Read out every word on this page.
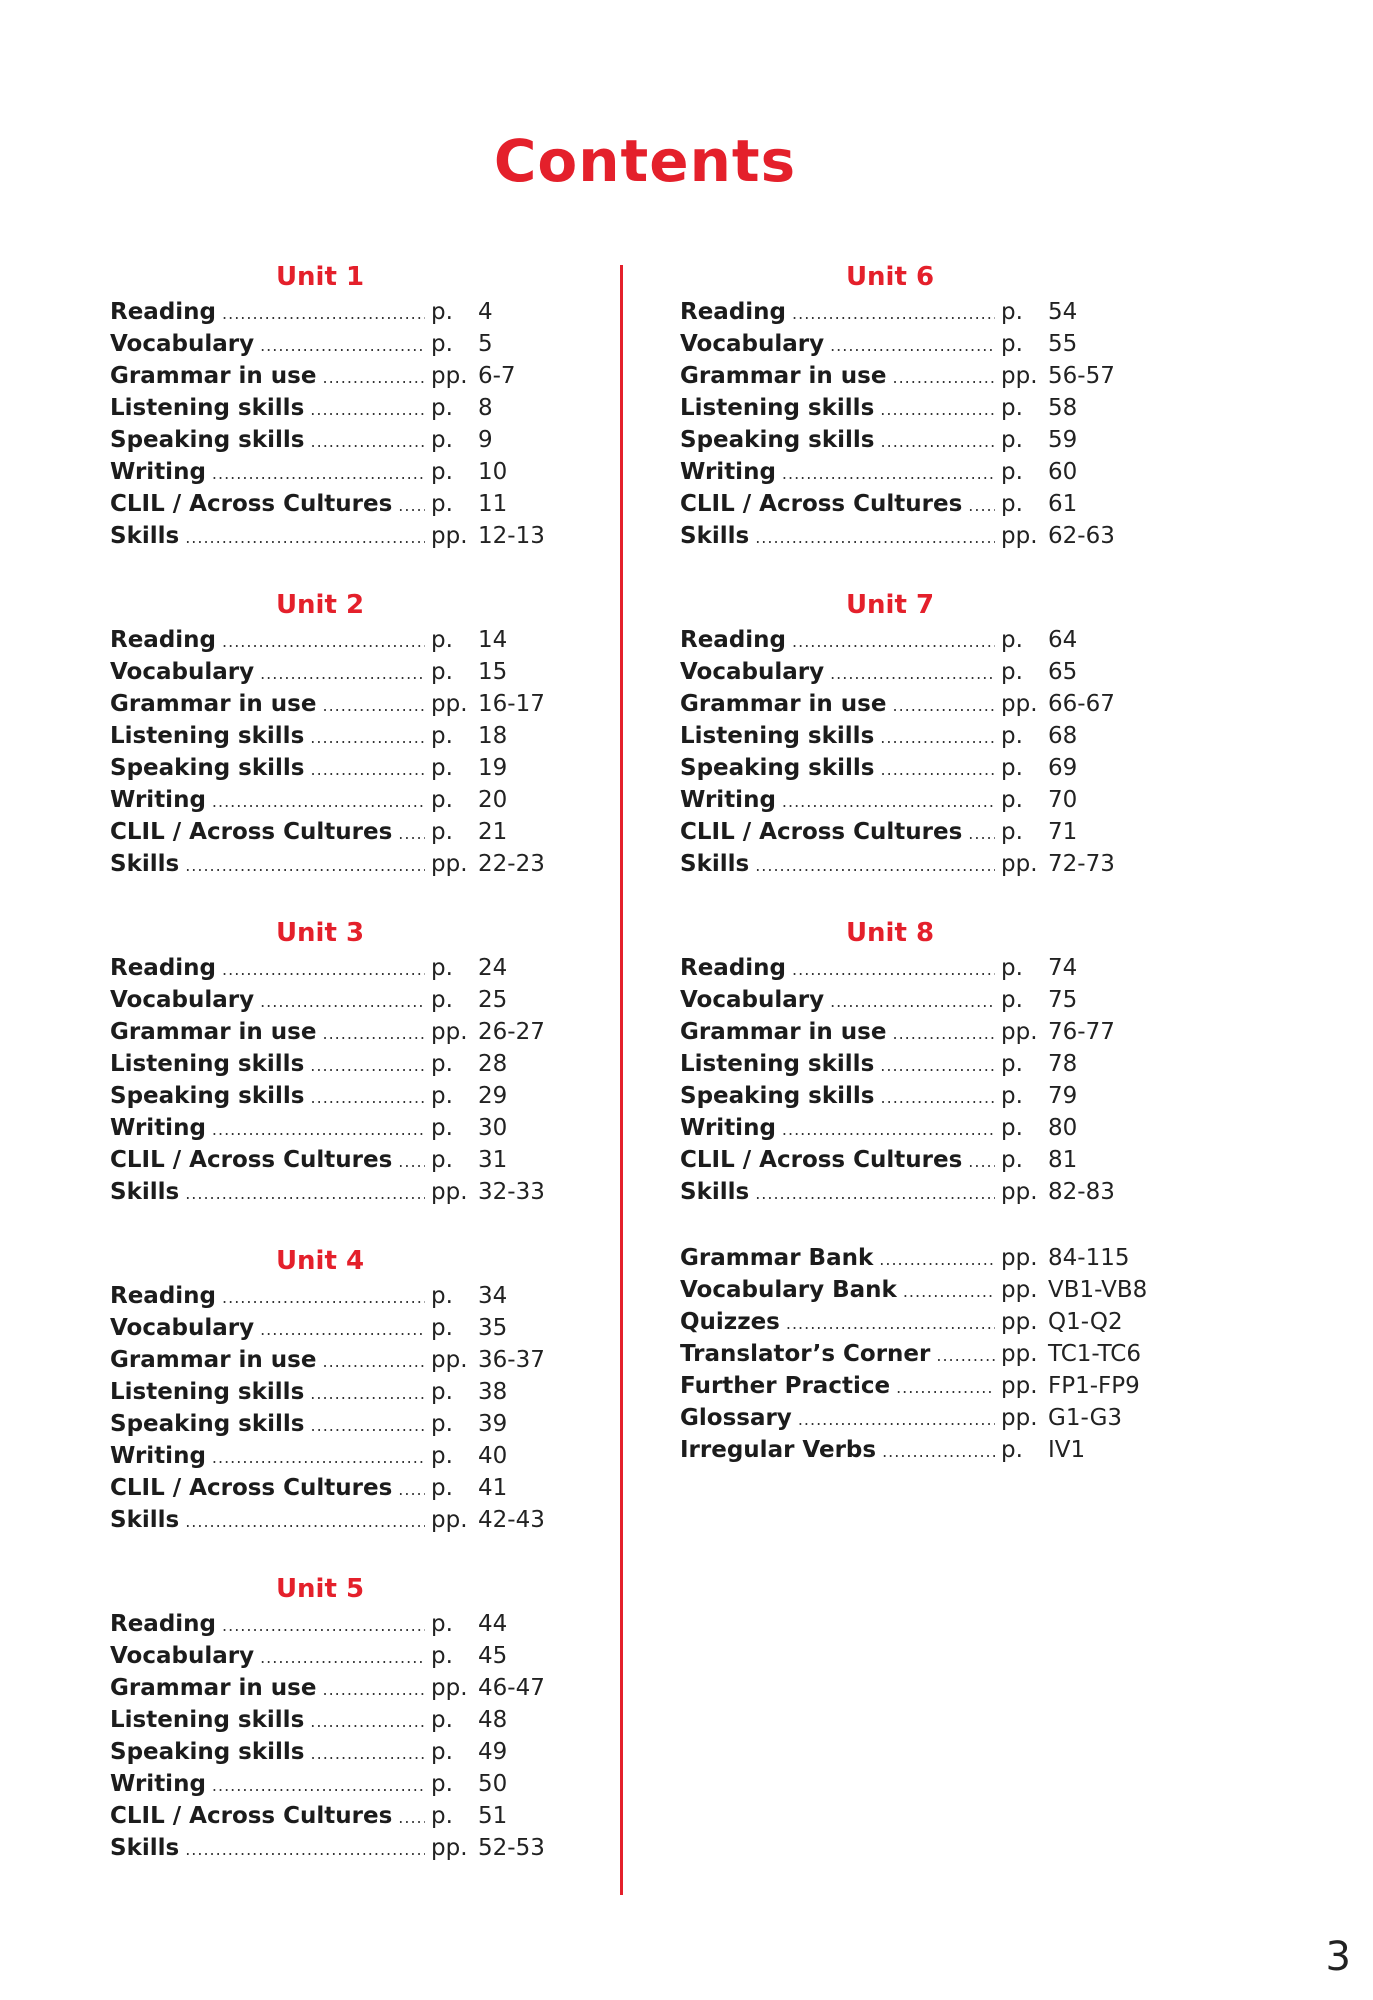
Contents
Unit 1
Reading .....	p.	4
Vocabulary .....	p.	5
Grammar in use .....	pp. 6-7
Listening skills .....	p.	8
Speaking skills .....	p.	9
Writing .....	p.	10
CLIL / Across Cultures ..... p.	11
Skills .....	pp. 12-13
Unit 2
Reading .....	p.	14
Vocabulary .....	p.	15
Grammar in use .....	pp. 16-17
Listening skills .....	p.	18
Speaking skills .....	p.	19
Writing .....	p.	20
CLIL / Across Cultures ..... p.	21
Skills .....	pp. 22-23
Unit 3
Reading .....	p.	24
Vocabulary .....	p.	25
Grammar in use .....	pp. 26-27
Listening skills .....	p.	28
Speaking skills .....	p.	29
Writing .....	p.	30
CLIL / Across Cultures ..... p.	31
Skills .....	pp. 32-33
Unit 4
Reading .....	p.	34
Vocabulary .....	p.	35
Grammar in use .....	pp. 36-37
Listening skills .....	p.	38
Speaking skills .....	p.	39
Writing .....	p.	40
CLIL / Across Cultures ..... p.	41
Skills .....	pp. 42-43
Unit 5
Reading .....	p.	44
Vocabulary .....	p.	45
Grammar in use .....	pp. 46-47
Listening skills .....	p.	48
Speaking skills .....	p.	49
Writing .....	p.	50
CLIL / Across Cultures ..... p.	51
Skills .....	pp. 52-53
Unit 6
Reading .....	p.	54
Vocabulary .....	p.	55
Grammar in use .....	pp. 56-57
Listening skills .....	p.	58
Speaking skills .....	p.	59
Writing .....	p.	60
CLIL / Across Cultures ..... p.	61
Skills .....	pp. 62-63
Unit 7
Reading .....	p.	64
Vocabulary .....	p.	65
Grammar in use .....	pp. 66-67
Listening skills .....	p.	68
Speaking skills .....	p.	69
Writing .....	p.	70
CLIL / Across Cultures ..... p.	71
Skills .....	pp. 72-73
Unit 8
Reading .....	p.	74
Vocabulary .....	p.	75
Grammar in use .....	pp. 76-77
Listening skills .....	p.	78
Speaking skills .....	p.	79
Writing .....	p.	80
CLIL / Across Cultures ..... p.	81
Skills .....	pp. 82-83
Grammar Bank .....	pp. 84-115
Vocabulary Bank .....	pp. VB1-VB8
Quizzes .....	pp. Q1-Q2
Translator’s Corner .....	pp. TC1-TC6
Further Practice .....	pp. FP1-FP9
Glossary .....	pp. G1-G3
Irregular Verbs .....	p.	IV1

3
